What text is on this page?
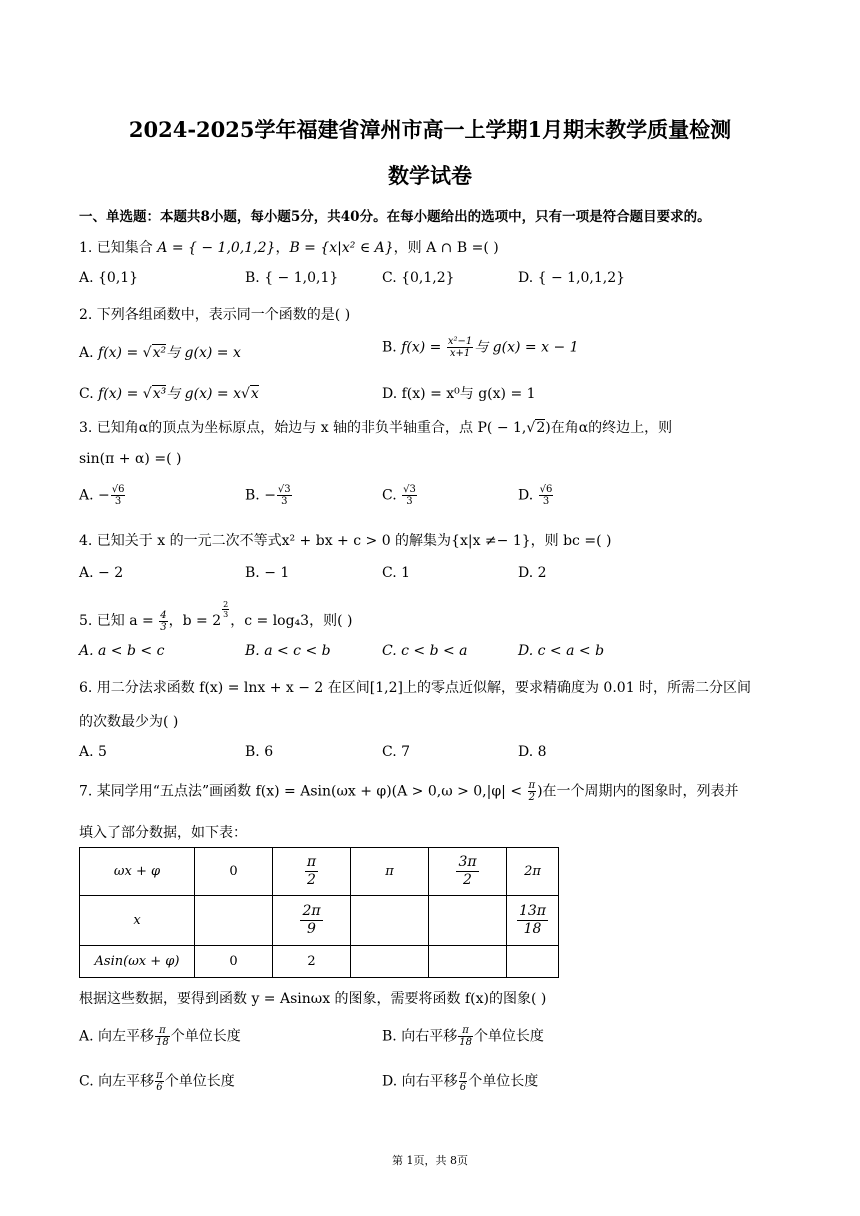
2024-2025学年福建省漳州市高一上学期1月期末教学质量检测
数学试卷
一、单选题：本题共8小题，每小题5分，共40分。在每小题给出的选项中，只有一项是符合题目要求的。
1. 已知集合 A = { − 1,0,1,2}，B = {x|x² ∈ A}，则 A ∩ B =( )
A. {0,1}	B. { − 1,0,1}	C. {0,1,2}	D. { − 1,0,1,2}
2. 下列各组函数中，表示同一个函数的是( )
A. f(x) = √x²与 g(x) = x	B. $f(x) = \frac{\text{x²−1}}{x+1}$ 与 g(x) = x − 1
C. f(x) = √x³与 g(x) = x√x	D. f(x) = x⁰与 g(x) = 1
3. 已知角α的顶点为坐标原点，始边与 x 轴的非负半轴重合，点 P( − 1,√2)在角α的终边上，则
sin(π + α) =( )
A. − $\frac{√6}{3}$	B. − $\frac{√3}{3}$	C. $\frac{√3}{3}$	D. $\frac{√6}{3}$
4. 已知关于 x 的一元二次不等式x² + bx + c > 0 的解集为{x|x ≠− 1}，则 bc =( )
A. − 2	B. − 1	C. 1	D. 2
5. 已知 $a = \frac{4}{3}$ ，b = 2
$\frac{2}{3}$
，c = log₄3，则( )
A. a < b < c	B. a < c < b	C. c < b < a	D. c < a < b
6. 用二分法求函数 f(x) = lnx + x − 2 在区间[1,2]上的零点近似解，要求精确度为 0.01 时，所需二分区间
的次数最少为( )
A. 5	B. 6	C. 7	D. 8
7. 某同学用“五点法”画函数 $f(x) = Asin(\omega x + \varphi)(A > 0,\omega > 0,|\varphi| < \frac{\pi}{2}$ )在一个周期内的图象时，列表并
填入了部分数据，如下表：
ωx + φ	0	$\frac{\pi}{2}$	π	$\frac{3\pi}{2}$	2π
x		$\frac{2\pi}{9}$			$\frac{13\pi}{18}$

Asin(ωx + φ)	0	2			
根据这些数据，要得到函数 y = Asinωx 的图象，需要将函数 f(x)的图象( )
A. 向左平移 $\frac{\pi}{18}$ 个单位长度	B. 向右平移 $\frac{\pi}{18}$ 个单位长度
C. 向左平移 $\frac{\pi}{6}$ 个单位长度	D. 向右平移 $\frac{\pi}{6}$ 个单位长度
第 1页，共 8页
